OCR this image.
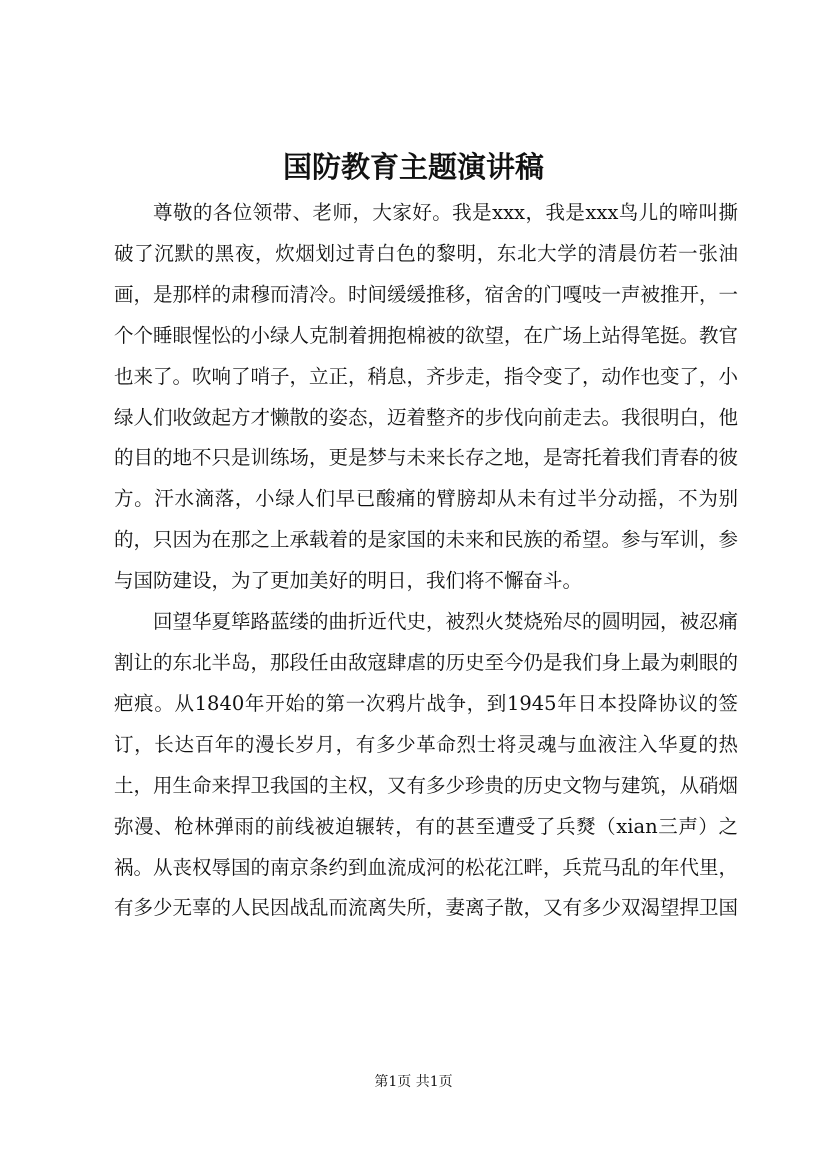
国防教育主题演讲稿

尊敬的各位领带、老师，大家好。我是xxx，我是xxx鸟儿的啼叫撕破了沉默的黑夜，炊烟划过青白色的黎明，东北大学的清晨仿若一张油画，是那样的肃穆而清冷。时间缓缓推移，宿舍的门嘎吱一声被推开，一个个睡眼惺忪的小绿人克制着拥抱棉被的欲望，在广场上站得笔挺。教官也来了。吹响了哨子，立正，稍息，齐步走，指令变了，动作也变了，小绿人们收敛起方才懒散的姿态，迈着整齐的步伐向前走去。我很明白，他的目的地不只是训练场，更是梦与未来长存之地，是寄托着我们青春的彼方。汗水滴落，小绿人们早已酸痛的臂膀却从未有过半分动摇，不为别的，只因为在那之上承载着的是家国的未来和民族的希望。参与军训，参与国防建设，为了更加美好的明日，我们将不懈奋斗。

回望华夏筚路蓝缕的曲折近代史，被烈火焚烧殆尽的圆明园，被忍痛割让的东北半岛，那段任由敌寇肆虐的历史至今仍是我们身上最为刺眼的疤痕。从1840年开始的第一次鸦片战争，到1945年日本投降协议的签订，长达百年的漫长岁月，有多少革命烈士将灵魂与血液注入华夏的热土，用生命来捍卫我国的主权，又有多少珍贵的历史文物与建筑，从硝烟弥漫、枪林弹雨的前线被迫辗转，有的甚至遭受了兵燹（xian三声）之祸。从丧权辱国的南京条约到血流成河的松花江畔，兵荒马乱的年代里，有多少无辜的人民因战乱而流离失所，妻离子散，又有多少双渴望捍卫国

第1页 共1页
